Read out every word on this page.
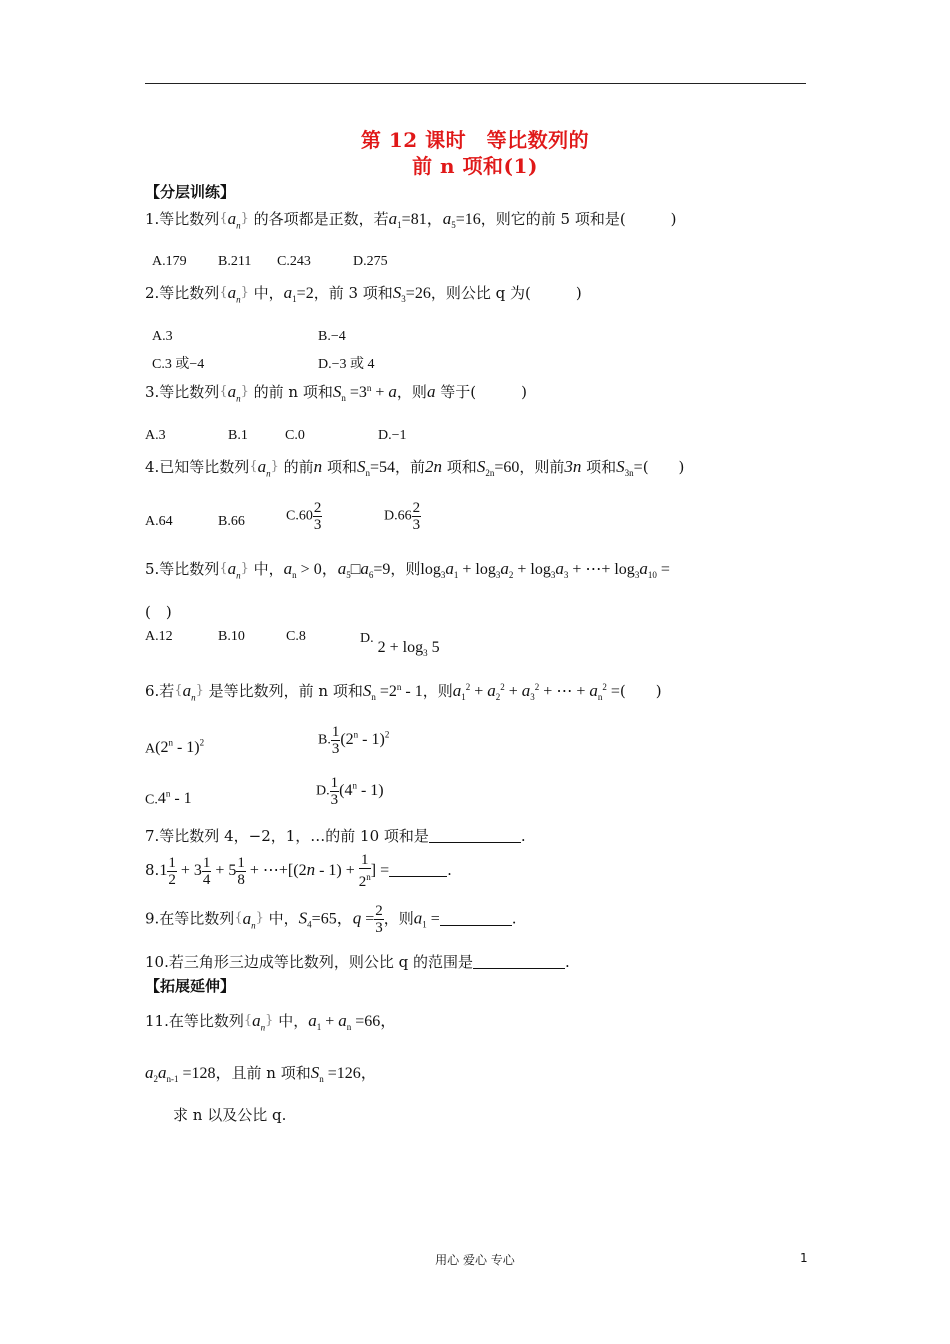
第 12 课时　等比数列的
前 n 项和(1)
【分层训练】
1.等比数列$\{a_n\}$ 的各项都是正数，若$a_1=81$，$a_5=16$，则它的前 5 项和是(　　　)
A.179 B.211 C.243	D.275
2.等比数列$\{a_n\}$ 中，$a_1=2$，前 3 项和$S_3=26$，则公比 q 为(　　　)
A.3	B.−4
C.3 或−4	D.−3 或 4
3.等比数列$\{a_n\}$ 的前 n 项和$S_n =3^n + a$，则a 等于(　　　)
A.3	B.1	C.0	D.−1
4.已知等比数列$\{a_n\}$ 的前n 项和$S_n=54$，前2n 项和$S_{2n}=60$，则前3n 项和$S_{3n}=$(　　)
A.64	B.66	$C.60 \frac{2}{3}$	$D.66 \frac{2}{3}$
5.等比数列$\{a_n\}$ 中，$a_n > 0$，$a_5□a_6=9$，则$\log_3a_1 + \log_3a_2 + \log_3a_3$ + ⋯+ $\log_3a_{10}$ =
(　)
A.12	B.10	C.8	$D.2 + \log_3 5$
6.若$\{a_n\}$ 是等比数列，前 n 项和$S_n =2^n - 1$，则$a_1^2 + a_2^2 + a_3^2$ + ⋯ + $a_n^2$ =(　　)
A(2$^n$ - 1)$^2$	B. $\frac{1}{3} (2^n - 1)^2$
C.4$^n$ - 1	D. $\frac{1}{3} (4^n - 1)$
7.等比数列 4，−2，1，…的前 10 项和是	.
$8.1 \frac{1}{2} + 3 \frac{1}{4} + 5 \frac{1}{8}$ + ⋯+[(2n - $1) + \frac{1}{2^n}$ ] =	.
9.在等比数列$\{a_n\}$ 中，$S_4=65$，$q = \frac{2}{3}$ ，则$a_1$ =	.
10.若三角形三边成等比数列，则公比 q 的范围是	.
【拓展延伸】
11.在等比数列$\{a_n\}$ 中，$a_1 + a_n =66$，
$a_2a_{n-1} =128$，且前 n 项和$S_n =126$，
求 n 以及公比 q.
用心 爱心 专心	1
